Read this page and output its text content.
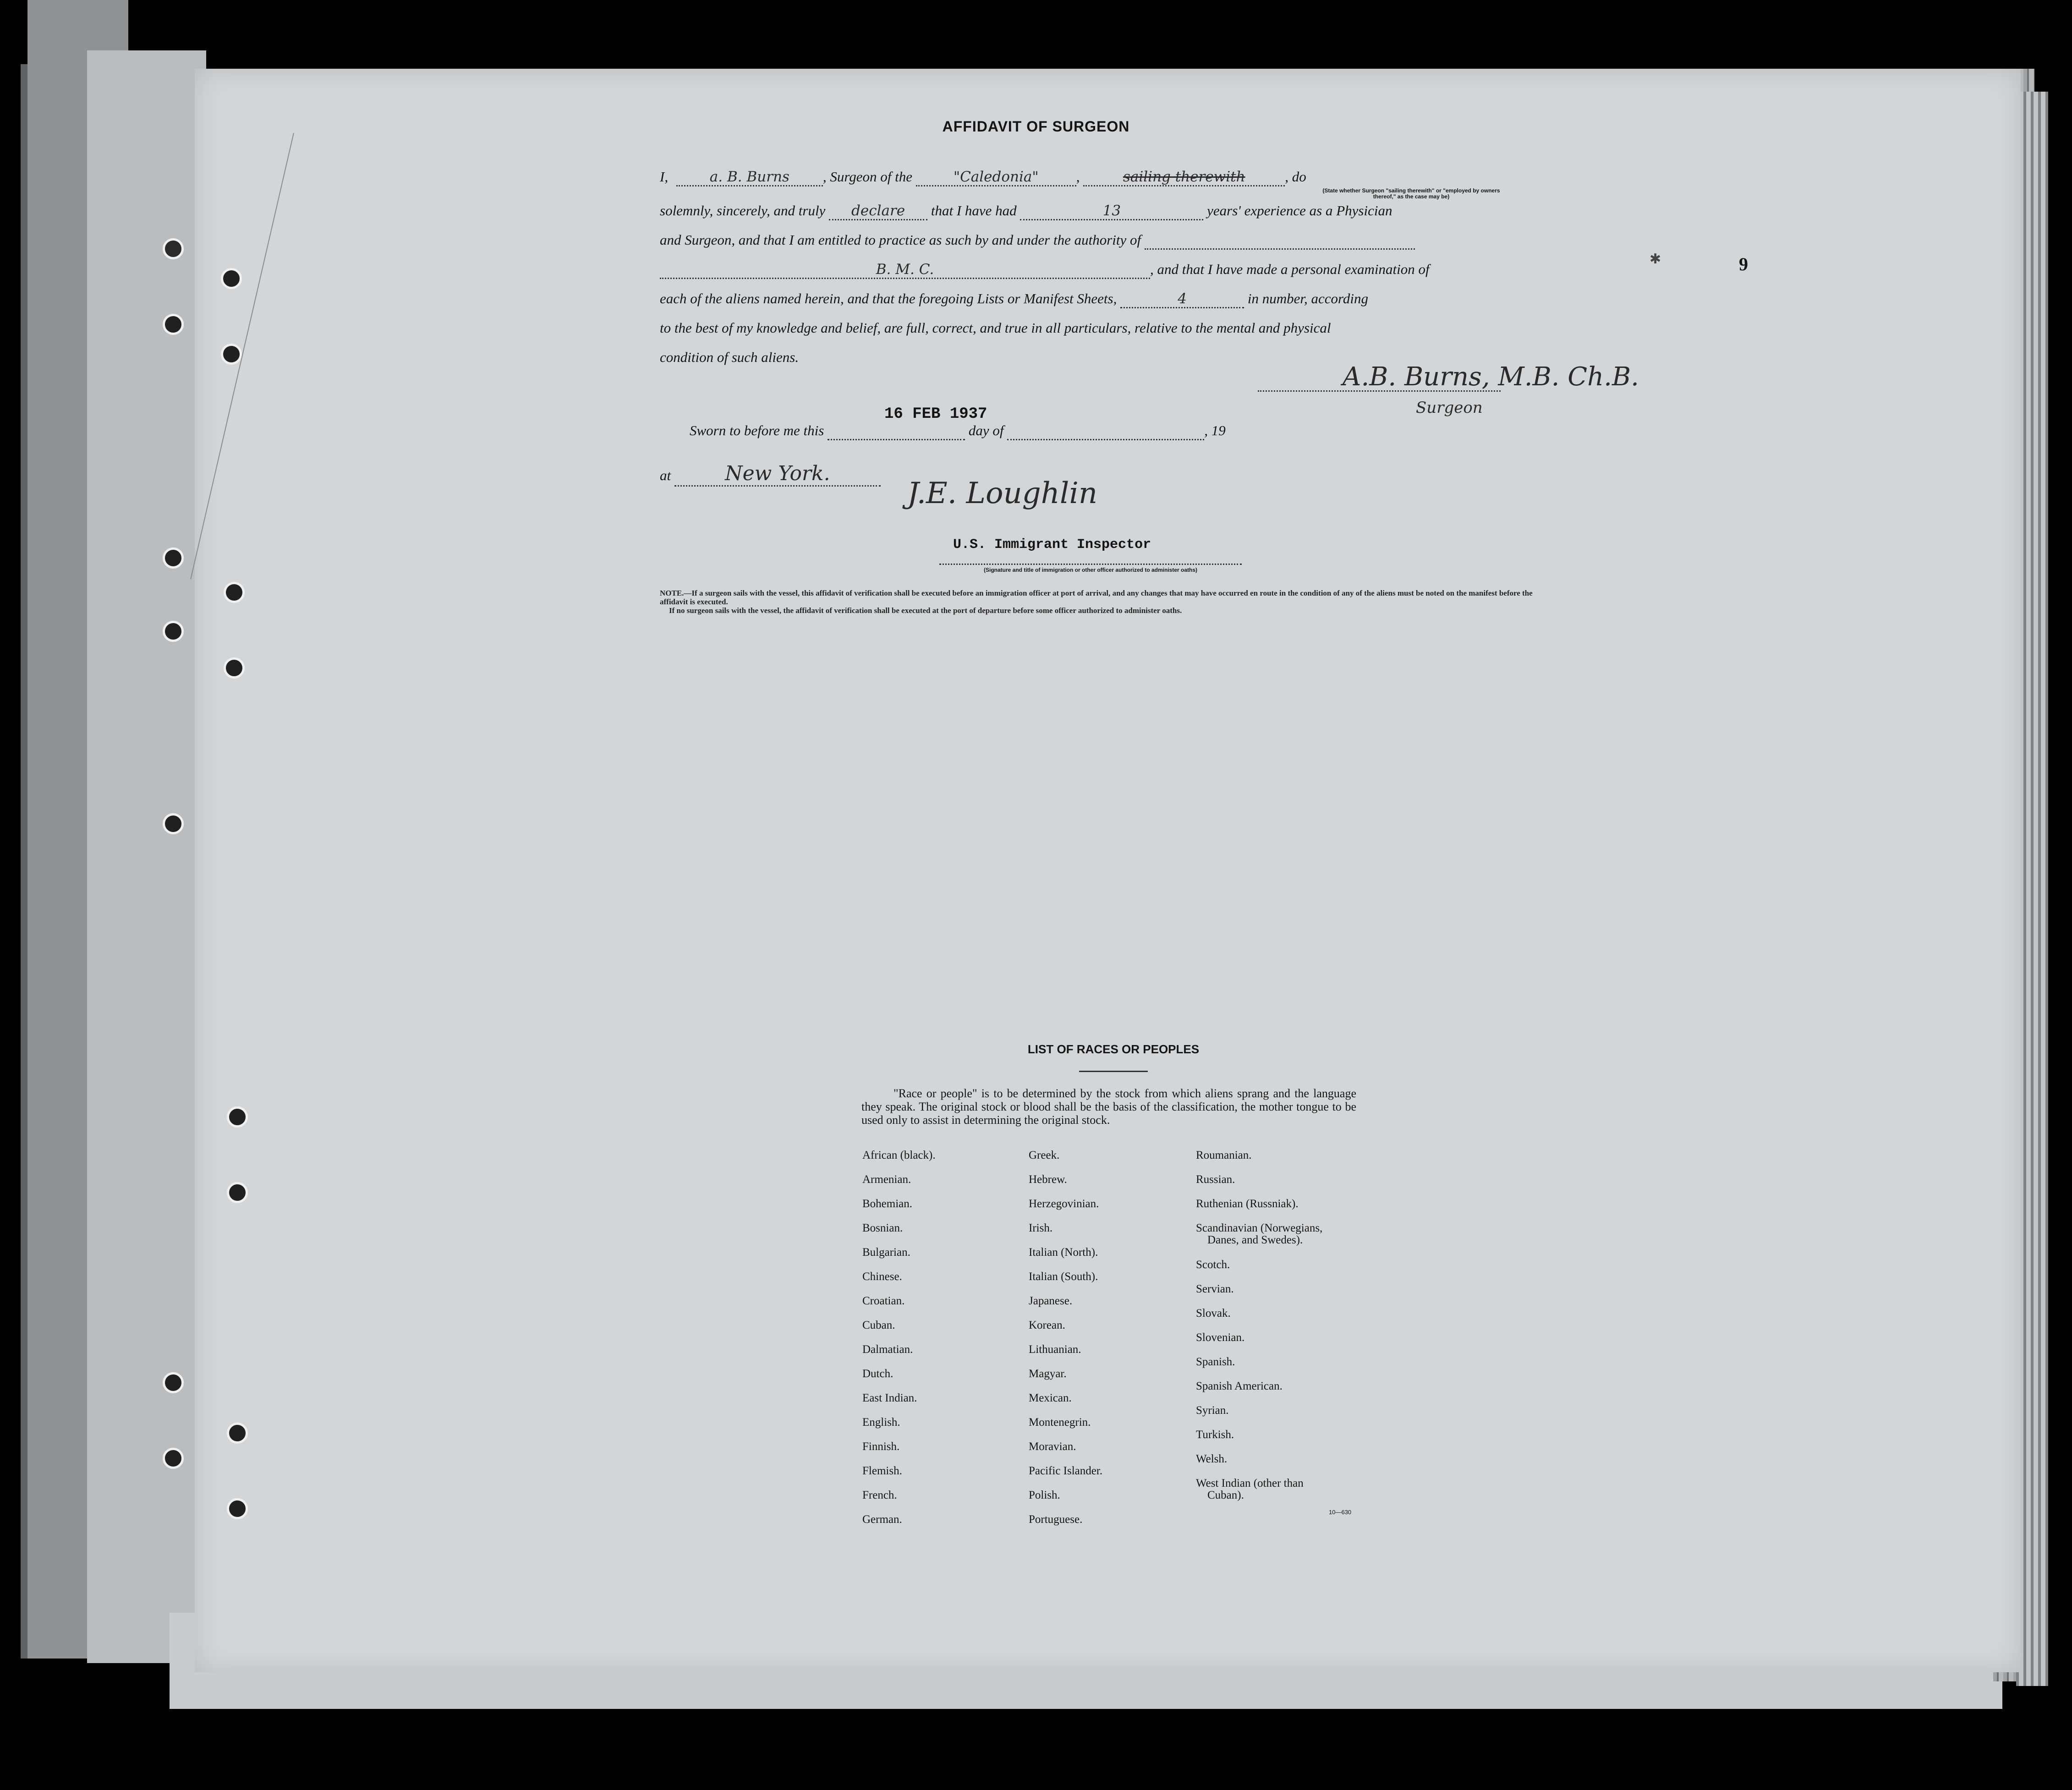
AFFIDAVIT OF SURGEON
I,	a. B. Burns , Surgeon of the	"Caledonia"	,	sailing therewith	, do
(State whether Surgeon "sailing therewith" or "employed by owners thereof," as the case may be)
solemnly, sincerely, and truly declare that I have had	13	years' experience as a Physician
and Surgeon, and that I am entitled to practice as such by and under the authority of
B. M. C.	, and that I have made a personal examination of
each of the aliens named herein, and that the foregoing Lists or Manifest Sheets,	4	in number, according
to the best of my knowledge and belief, are full, correct, and true in all particulars, relative to the mental and physical
condition of such aliens.
A.B. Burns, M.B. Ch.B.
Surgeon
16 FEB 1937
Sworn to before me this	day of	, 19
at	New York.
J.E. Loughlin
U.S. Immigrant Inspector
(Signature and title of immigration or other officer authorized to administer oaths)
NOTE.—If a surgeon sails with the vessel, this affidavit of verification shall be executed before an immigration officer at port of arrival, and any changes that may have occurred en route in the condition of any of the aliens must be noted on the manifest before the affidavit is executed.
If no surgeon sails with the vessel, the affidavit of verification shall be executed at the port of departure before some officer authorized to administer oaths.
✱	9
LIST OF RACES OR PEOPLES

"Race or people" is to be determined by the stock from which aliens sprang and the language they speak. The original stock or blood shall be the basis of the classification, the mother tongue to be used only to assist in determining the original stock.

African (black).
Armenian.
Bohemian.
Bosnian.
Bulgarian.
Chinese.
Croatian.
Cuban.
Dalmatian.
Dutch.
East Indian.
English.
Finnish.
Flemish.
French.
German.
Greek.
Hebrew.
Herzegovinian.
Irish.
Italian (North).
Italian (South).
Japanese.
Korean.
Lithuanian.
Magyar.
Mexican.
Montenegrin.
Moravian.
Pacific Islander.
Polish.
Portuguese.
Roumanian.
Russian.
Ruthenian (Russniak).
Scandinavian (Norwegians,
Danes, and Swedes).
Scotch.
Servian.
Slovak.
Slovenian.
Spanish.
Spanish American.
Syrian.
Turkish.
Welsh.
West Indian (other than
Cuban).
10—630
